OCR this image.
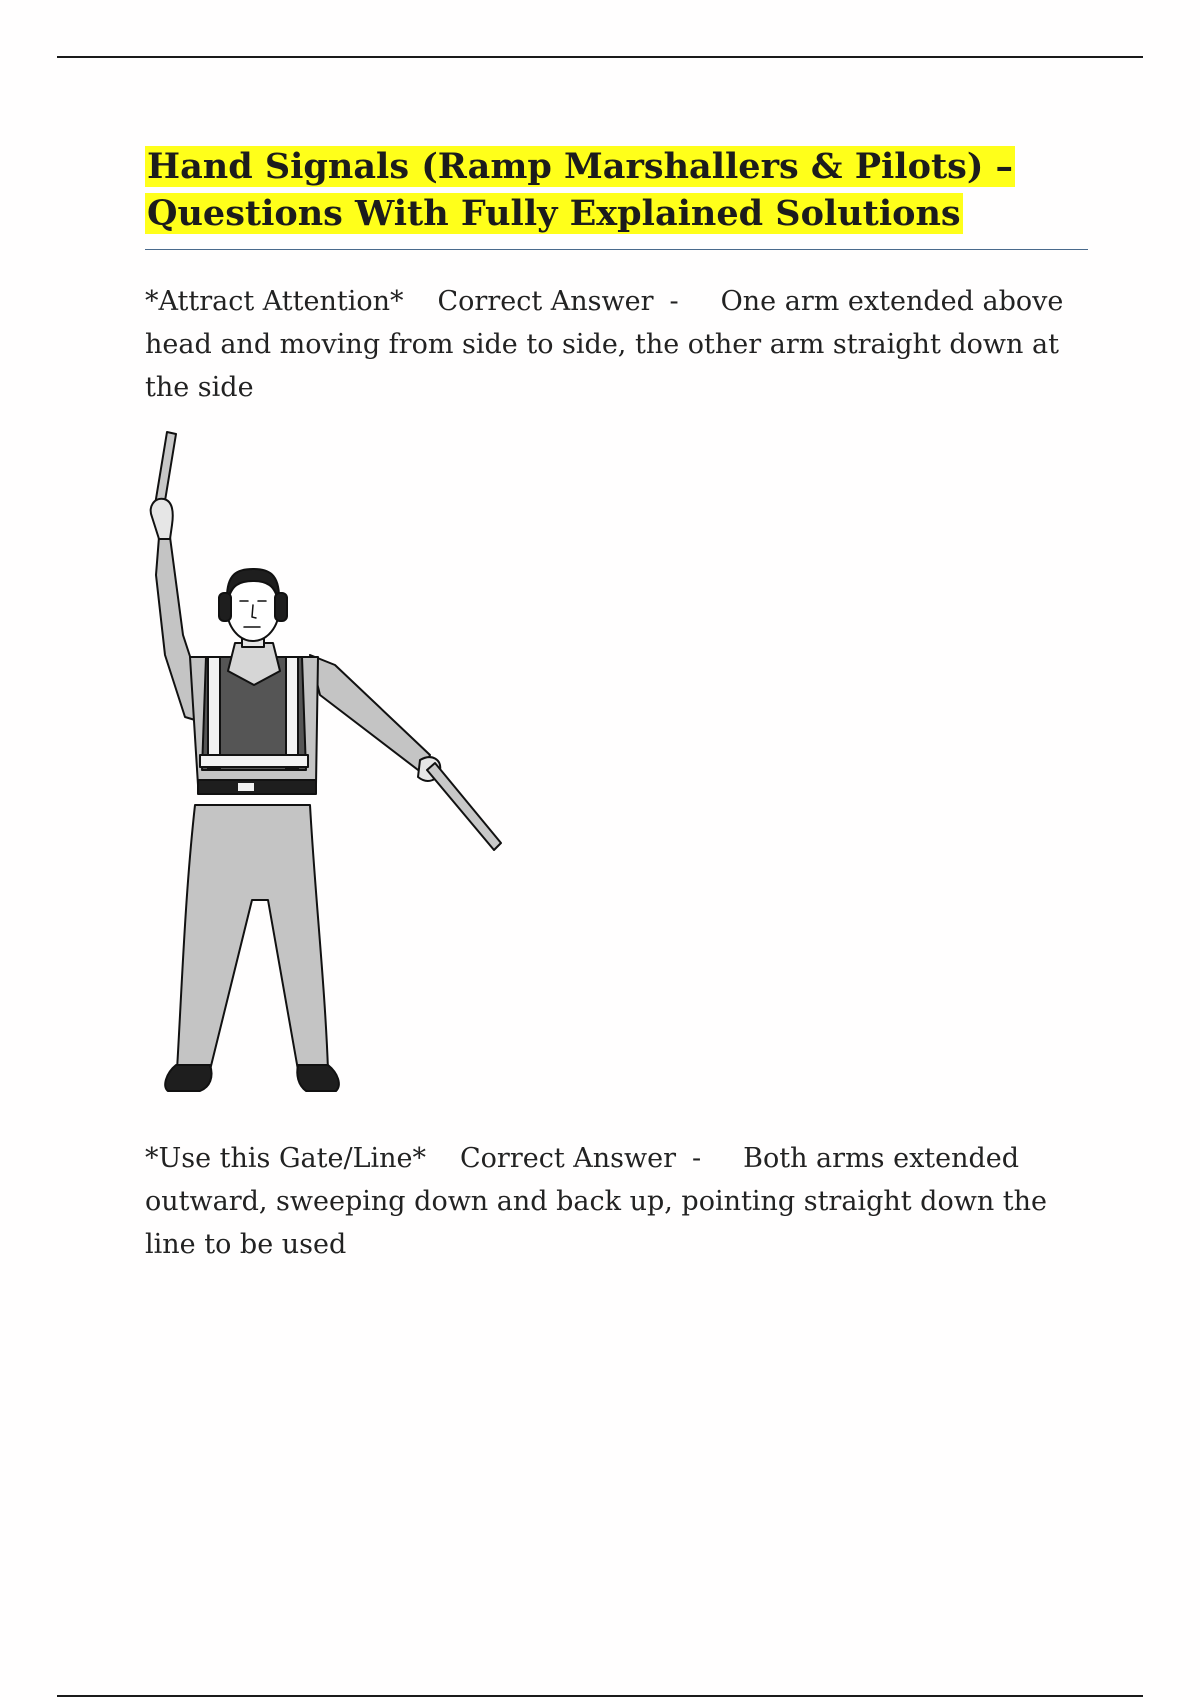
Hand Signals (Ramp Marshallers & Pilots) –
Questions With Fully Explained Solutions

*Attract Attention* Correct Answer - One arm extended above head and moving from side to side, the other arm straight down at the side

*Use this Gate/Line* Correct Answer - Both arms extended outward, sweeping down and back up, pointing straight down the line to be used
